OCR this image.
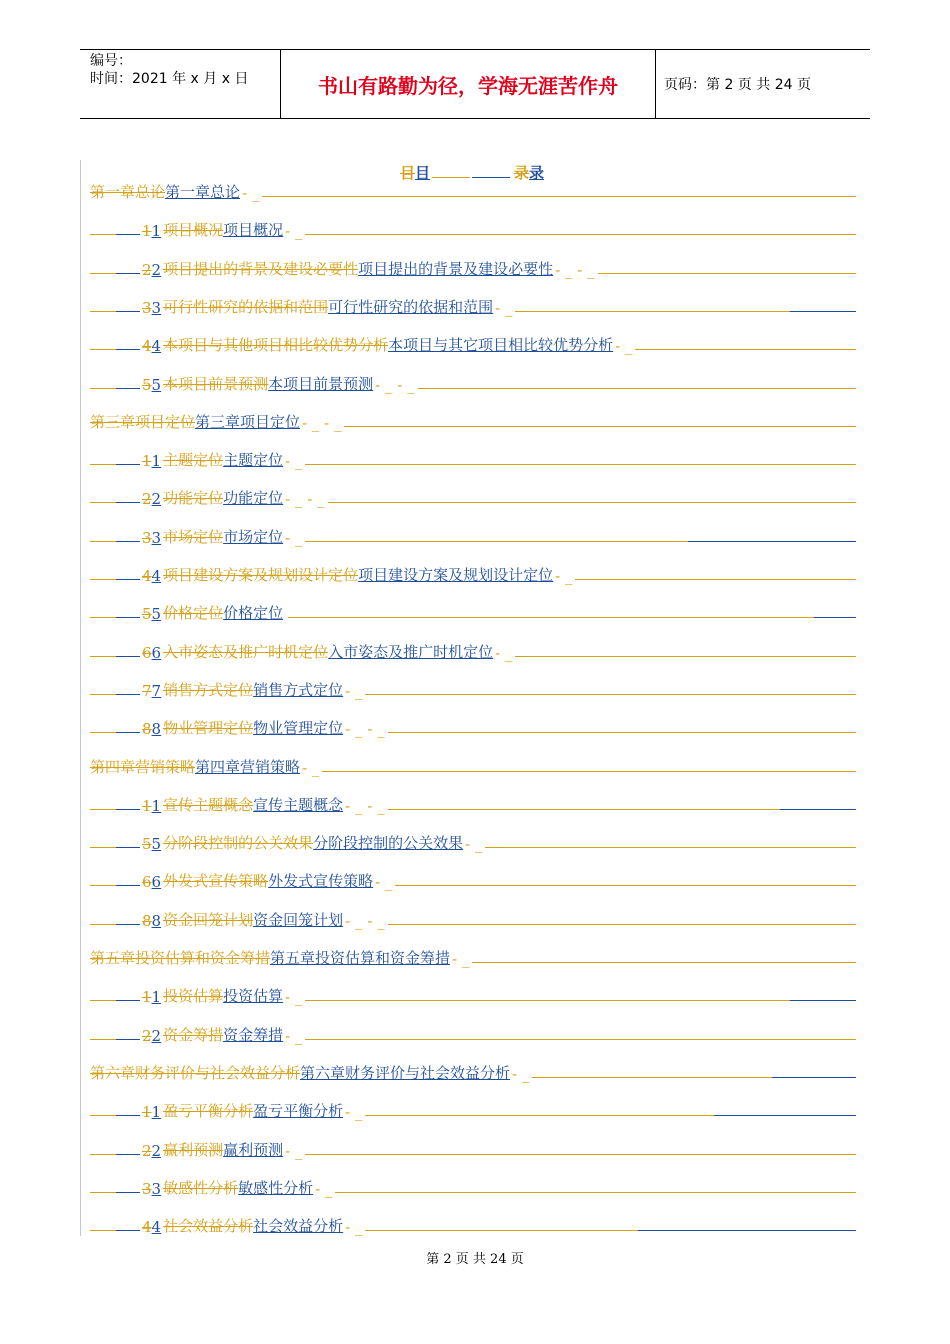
编号：
时间：2021 年 x 月 x 日	书山有路勤为径，学海无涯苦作舟	页码：第 2 页 共 24 页
目目	录录
第一章总论 第一章总论 - _
1 1 项目概况 项目概况 - _
2 2 项目提出的背景及建设必要性 项目提出的背景及建设必要性 - _ - _
3 3 可行性研究的依据和范围 可行性研究的依据和范围 - _
4 4 本项目与其他项目相比较优势分析 本项目与其它项目相比较优势分析 - _
5 5 本项目前景预测 本项目前景预测 - _ - _
第三章项目定位 第三章项目定位 - _ - _
1 1 主题定位 主题定位 - _
2 2 功能定位 功能定位 - _ - _
3 3 市场定位 市场定位 - _
4 4 项目建设方案及规划设计定位 项目建设方案及规划设计定位 - _
5 5 价格定位 价格定位
6 6 入市姿态及推广时机定位 入市姿态及推广时机定位 - _
7 7 销售方式定位 销售方式定位 - _
8 8 物业管理定位 物业管理定位 - _ - _
第四章营销策略 第四章营销策略 - _
1 1 宣传主题概念 宣传主题概念 - _ - _
5 5 分阶段控制的公关效果 分阶段控制的公关效果 - _
6 6 外发式宣传策略 外发式宣传策略 - _
8 8 资金回笼计划 资金回笼计划 - _ - _
第五章投资估算和资金筹措 第五章投资估算和资金筹措 - _
1 1 投资估算 投资估算 - _
2 2 资金筹措 资金筹措 - _
第六章财务评价与社会效益分析 第六章财务评价与社会效益分析 - _
1 1 盈亏平衡分析 盈亏平衡分析 - _
2 2 赢利预测 赢利预测 - _
3 3 敏感性分析 敏感性分析 - _
4 4 社会效益分析 社会效益分析 - _
第 2 页 共 24 页
